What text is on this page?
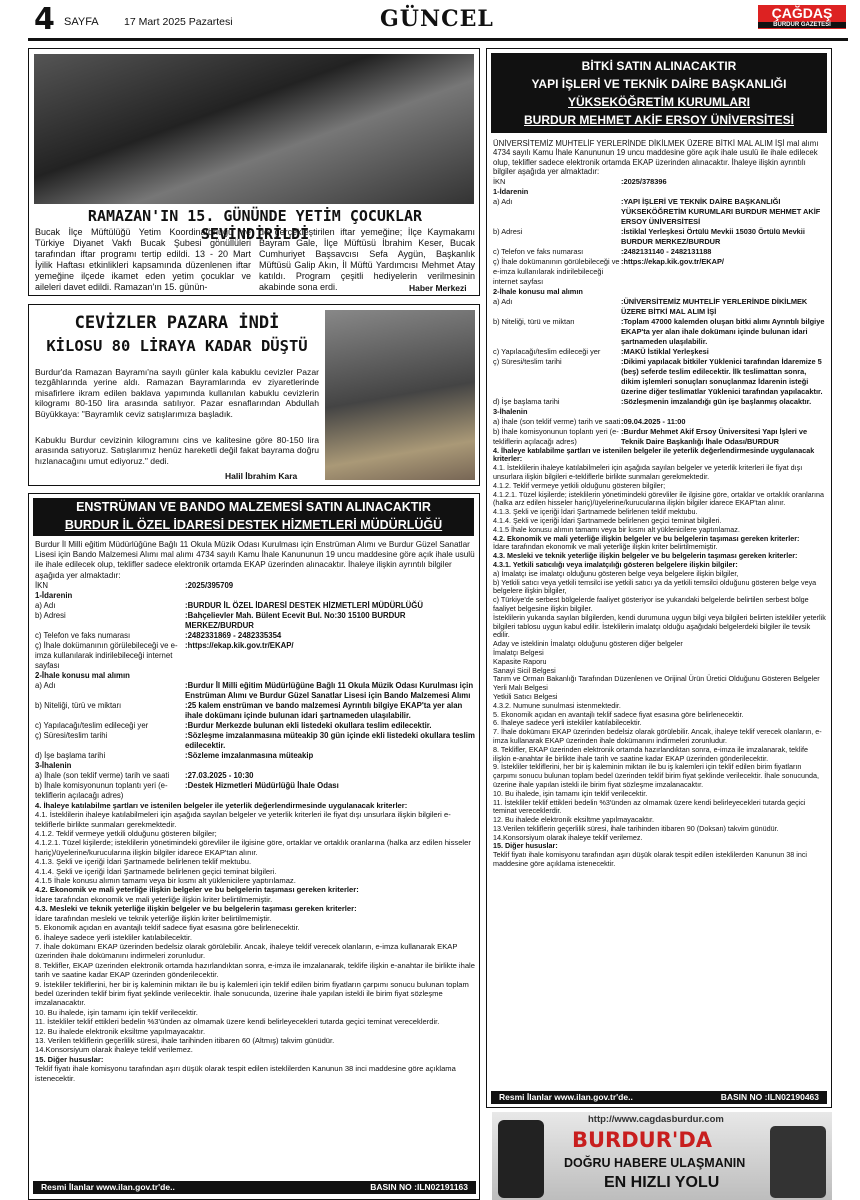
4 SAYFA 17 Mart 2025 Pazartesi	GÜNCEL	ÇAĞDAŞ
BURDUR GAZETESİ
RAMAZAN'IN 15. GÜNÜNDE YETİM ÇOCUKLAR SEVİNDİRİLDİ
Bucak İlçe Müftülüğü Yetim Koordinatörlüğü ve Türkiye Diyanet Vakfı Bucak Şubesi gönüllüleri tarafından iftar programı tertip edildi. 13 - 20 Mart İyilik Haftası etkinlikleri kapsamında düzenlenen iftar yemeğine ilçede ikamet eden yetim çocuklar ve aileleri davet edildi. Ramazan'ın 15. günün-
de gerçekleştirilen iftar yemeğine; İlçe Kaymakamı Bayram Gale, İlçe Müftüsü İbrahim Keser, Bucak Cumhuriyet Başsavcısı Sefa Aygün, Başkanlık Müftüsü Galip Akın, İl Müftü Yardımcısı Mehmet Atay katıldı. Program çeşitli hediyelerin verilmesinin akabinde sona erdi.	Haber Merkezi
CEVİZLER PAZARA İNDİ
KİLOSU 80 LİRAYA KADAR DÜŞTÜ
Burdur'da Ramazan Bayramı'na sayılı günler kala kabuklu cevizler Pazar tezgâhlarında yerine aldı. Ramazan Bayramlarında ev ziyaretlerinde misafirlere ikram edilen baklava yapımında kullanılan kabuklu cevizlerin kilogramı 80-150 lira arasında satılıyor. Pazar esnaflarından Abdullah Büyükkaya: "Bayramlık ceviz satışlarımıza başladık.
Kabuklu Burdur cevizinin kilogramını cins ve kalitesine göre 80-150 lira arasında satıyoruz. Satışlarımız henüz hareketli değil fakat bayrama doğru hızlanacağını umut ediyoruz." dedi.
Halil İbrahim Kara
ENSTRÜMAN VE BANDO MALZEMESİ SATIN ALINACAKTIR
BURDUR İL ÖZEL İDARESİ DESTEK HİZMETLERİ MÜDÜRLÜĞÜ

Burdur İl Milli eğitim Müdürlüğüne Bağlı 11 Okula Müzik Odası Kurulması için Enstrüman Alımı ve Burdur Güzel Sanatlar Lisesi için Bando Malzemesi Alımı mal alımı 4734 sayılı Kamu İhale Kanununun 19 uncu maddesine göre açık ihale usulü ile ihale edilecek olup, teklifler sadece elektronik ortamda EKAP üzerinden alınacaktır. İhaleye ilişkin ayrıntılı bilgiler aşağıda yer almaktadır:

İKN	:2025/395709
1-İdarenin
a) Adı	:BURDUR İL ÖZEL İDARESİ DESTEK HİZMETLERİ MÜDÜRLÜĞÜ
b) Adresi	:Bahçelievler Mah. Bülent Ecevit Bul. No:30 15100 BURDUR MERKEZ/BURDUR
c) Telefon ve faks numarası	:2482331869 - 2482335354
ç) İhale dokümanının görülebileceği ve e-imza kullanılarak indirilebileceği internet sayfası
:https://ekap.kik.gov.tr/EKAP/
2-İhale konusu mal alımın
a) Adı	:Burdur İl Milli eğitim Müdürlüğüne Bağlı 11 Okula Müzik Odası Kurulması için Enstrüman Alımı ve Burdur Güzel Sanatlar Lisesi için Bando Malzemesi Alımı
b) Niteliği, türü ve miktarı	:25 kalem enstrüman ve bando malzemesi Ayrıntılı bilgiye EKAP'ta yer alan ihale dokümanı içinde bulunan idari şartnameden ulaşılabilir.
c) Yapılacağı/teslim edileceği yer	:Burdur Merkezde bulunan ekli listedeki okullara teslim edilecektir.
ç) Süresi/teslim tarihi	:Sözleşme imzalanmasına müteakip 30 gün içinde ekli listedeki okullara teslim edilecektir.
d) İşe başlama tarihi	:Sözleme imzalanmasına müteakip
3-İhalenin
a) İhale (son teklif verme) tarih ve saati	:27.03.2025 - 10:30
b) İhale komisyonunun toplantı yeri (e-tekliflerin açılacağı adres)
:Destek Hizmetleri Müdürlüğü İhale Odası

4. İhaleye katılabilme şartları ve istenilen belgeler ile yeterlik değerlendirmesinde uygulanacak kriterler:

4.1. İsteklilerin ihaleye katılabilmeleri için aşağıda sayılan belgeler ve yeterlik kriterleri ile fiyat dışı unsurlara ilişkin bilgileri e-tekliflerle birlikte sunmaları gerekmektedir.

4.1.2. Teklif vermeye yetkili olduğunu gösteren bilgiler;

4.1.2.1. Tüzel kişilerde; isteklilerin yönetimindeki görevliler ile ilgisine göre, ortaklar ve ortaklık oranlarına (halka arz edilen hisseler hariç)/üyelerine/kurucularına ilişkin bilgiler idarece EKAP'tan alınır.

4.1.3. Şekli ve içeriği İdari Şartnamede belirlenen teklif mektubu.

4.1.4. Şekli ve içeriği İdari Şartnamede belirlenen geçici teminat bilgileri.

4.1.5 İhale konusu alımın tamamı veya bir kısmı alt yüklenicilere yaptırılamaz.

4.2. Ekonomik ve mali yeterliğe ilişkin belgeler ve bu belgelerin taşıması gereken kriterler:

İdare tarafından ekonomik ve mali yeterliğe ilişkin kriter belirtilmemiştir.

4.3. Mesleki ve teknik yeterliğe ilişkin belgeler ve bu belgelerin taşıması gereken kriterler:

İdare tarafından mesleki ve teknik yeterliğe ilişkin kriter belirtilmemiştir.

5. Ekonomik açıdan en avantajlı teklif sadece fiyat esasına göre belirlenecektir.

6. İhaleye sadece yerli istekliler katılabilecektir.

7. İhale dokümanı EKAP üzerinden bedelsiz olarak görülebilir. Ancak, ihaleye teklif verecek olanların, e-imza kullanarak EKAP üzerinden ihale dokümanını indirmeleri zorunludur.

8. Teklifler, EKAP üzerinden elektronik ortamda hazırlandıktan sonra, e-imza ile imzalanarak, teklife ilişkin e-anahtar ile birlikte ihale tarih ve saatine kadar EKAP üzerinden gönderilecektir.

9. İstekliler tekliflerini, her bir iş kaleminin miktarı ile bu iş kalemleri için teklif edilen birim fiyatların çarpımı sonucu bulunan toplam bedel üzerinden teklif birim fiyat şeklinde verilecektir. İhale sonucunda, üzerine ihale yapılan istekli ile birim fiyat sözleşme imzalanacaktır.

10. Bu ihalede, işin tamamı için teklif verilecektir.

11. İstekliler teklif ettikleri bedelin %3'ünden az olmamak üzere kendi belirleyecekleri tutarda geçici teminat vereceklerdir.

12. Bu ihalede elektronik eksiltme yapılmayacaktır.

13. Verilen tekliflerin geçerlilik süresi, ihale tarihinden itibaren 60 (Altmış) takvim günüdür.

14.Konsorsiyum olarak ihaleye teklif verilemez.

15. Diğer hususlar:

Teklif fiyatı ihale komisyonu tarafından aşırı düşük olarak tespit edilen isteklilerden Kanunun 38 inci maddesine göre açıklama istenecektir.

Resmi İlanlar www.ilan.gov.tr'de..	BASIN NO :ILN02191163
BİTKİ SATIN ALINACAKTIR
YAPI İŞLERİ VE TEKNİK DAİRE BAŞKANLIĞI
YÜKSEKÖĞRETİM KURUMLARI
BURDUR MEHMET AKİF ERSOY ÜNİVERSİTESİ

ÜNİVERSİTEMİZ MUHTELİF YERLERİNDE DİKİLMEK ÜZERE BİTKİ MAL ALIM İŞİ mal alımı 4734 sayılı Kamu İhale Kanununun 19 uncu maddesine göre açık ihale usulü ile ihale edilecek olup, teklifler sadece elektronik ortamda EKAP üzerinden alınacaktır. İhaleye ilişkin ayrıntılı bilgiler aşağıda yer almaktadır:

İKN	:2025/378396
1-İdarenin
a) Adı	:YAPI İŞLERİ VE TEKNİK DAİRE BAŞKANLIĞI YÜKSEKÖĞRETİM KURUMLARI BURDUR MEHMET AKİF ERSOY ÜNİVERSİTESİ
b) Adresi	:İstiklal Yerleşkesi Örtülü Mevkii 15030 Örtülü Mevkii BURDUR MERKEZ/BURDUR
c) Telefon ve faks numarası	:2482131140 - 2482131188
ç) İhale dokümanının görülebileceği ve e-imza kullanılarak indirilebileceği internet sayfası
:https://ekap.kik.gov.tr/EKAP/
2-İhale konusu mal alımın
a) Adı	:ÜNİVERSİTEMİZ MUHTELİF YERLERİNDE DİKİLMEK ÜZERE BİTKİ MAL ALIM İŞİ
b) Niteliği, türü ve miktarı	:Toplam 47000 kalemden oluşan bitki alımı Ayrıntılı bilgiye EKAP'ta yer alan ihale dokümanı içinde bulunan idari şartnameden ulaşılabilir.
c) Yapılacağı/teslim edileceği yer	:MAKÜ İstiklal Yerleşkesi
ç) Süresi/teslim tarihi	:Dikimi yapılacak bitkiler Yüklenici tarafından İdaremize 5 (beş) seferde teslim edilecektir. İlk teslimattan sonra, dikim işlemleri sonuçları sonuçlanmaz İdarenin isteği üzerine diğer teslimatlar Yüklenici tarafından yapılacaktır.
d) İşe başlama tarihi	:Sözleşmenin imzalandığı gün işe başlanmış olacaktır.
3-İhalenin
a) İhale (son teklif verme) tarih ve saati :09.04.2025 - 11:00
b) İhale komisyonunun toplantı yeri (e-tekliflerin açılacağı adres)
:Burdur Mehmet Akif Ersoy Üniversitesi Yapı İşleri ve Teknik Daire Başkanlığı İhale Odası/BURDUR

4. İhaleye katılabilme şartları ve istenilen belgeler ile yeterlik değerlendirmesinde uygulanacak kriterler:

4.1. İsteklilerin ihaleye katılabilmeleri için aşağıda sayılan belgeler ve yeterlik kriterleri ile fiyat dışı unsurlara ilişkin bilgileri e-tekliflerle birlikte sunmaları gerekmektedir.

4.1.2. Teklif vermeye yetkili olduğunu gösteren bilgiler;

4.1.2.1. Tüzel kişilerde; isteklilerin yönetimindeki görevliler ile ilgisine göre, ortaklar ve ortaklık oranlarına (halka arz edilen hisseler hariç)/üyelerine/kurucularına ilişkin bilgiler idarece EKAP'tan alınır.

4.1.3. Şekli ve içeriği İdari Şartnamede belirlenen teklif mektubu.

4.1.4. Şekli ve içeriği İdari Şartnamede belirlenen geçici teminat bilgileri.

4.1.5 İhale konusu alımın tamamı veya bir kısmı alt yüklenicilere yaptırılamaz.

4.2. Ekonomik ve mali yeterliğe ilişkin belgeler ve bu belgelerin taşıması gereken kriterler:

İdare tarafından ekonomik ve mali yeterliğe ilişkin kriter belirtilmemiştir.

4.3. Mesleki ve teknik yeterliğe ilişkin belgeler ve bu belgelerin taşıması gereken kriterler:

4.3.1. Yetkili satıcılığı veya imalatçılığı gösteren belgelere ilişkin bilgiler:

a) İmalatçı ise imalatçı olduğunu gösteren belge veya belgelere ilişkin bilgiler,

b) Yetkili satıcı veya yetkili temsilci ise yetkili satıcı ya da yetkili temsilci olduğunu gösteren belge veya belgelere ilişkin bilgiler,

c) Türkiye'de serbest bölgelerde faaliyet gösteriyor ise yukarıdaki belgelerde belirtilen serbest bölge faaliyet belgesine ilişkin bilgiler.

İsteklilerin yukarıda sayılan bilgilerden, kendi durumuna uygun bilgi veya bilgileri belirten istekliler yeterlik bilgileri tablosu uygun kabul edilir. İsteklilerin imalatçı olduğu aşağıdaki belgelerdeki bilgiler ile tevsik edilir.

Aday ve isteklinin İmalatçı olduğunu gösteren diğer belgeler

İmalatçı Belgesi

Kapasite Raporu

Sanayi Sicil Belgesi

Tarım ve Orman Bakanlığı Tarafından Düzenlenen ve Orijinal Ürün Üretici Olduğunu Gösteren Belgeler

Yerli Malı Belgesi

Yetkili Satıcı Belgesi

4.3.2. Numune sunulmasi istenmektedir.

5. Ekonomik açıdan en avantajlı teklif sadece fiyat esasına göre belirlenecektir.

6. İhaleye sadece yerli istekliler katılabilecektir.

7. İhale dokümanı EKAP üzerinden bedelsiz olarak görülebilir. Ancak, ihaleye teklif verecek olanların, e-imza kullanarak EKAP üzerinden ihale dokümanını indirmeleri zorunludur.

8. Teklifler, EKAP üzerinden elektronik ortamda hazırlandıktan sonra, e-imza ile imzalanarak, teklife ilişkin e-anahtar ile birlikte ihale tarih ve saatine kadar EKAP üzerinden gönderilecektir.

9. İstekliler tekliflerini, her bir iş kaleminin miktarı ile bu iş kalemleri için teklif edilen birim fiyatların çarpımı sonucu bulunan toplam bedel üzerinden teklif birim fiyat şeklinde verilecektir. İhale sonucunda, üzerine ihale yapılan istekli ile birim fiyat sözleşme imzalanacaktır.

10. Bu ihalede, işin tamamı için teklif verilecektir.

11. İstekliler teklif ettikleri bedelin %3'ünden az olmamak üzere kendi belirleyecekleri tutarda geçici teminat vereceklerdir.

12. Bu ihalede elektronik eksiltme yapılmayacaktır.

13.Verilen tekliflerin geçerlilik süresi, ihale tarihinden itibaren 90 (Doksan) takvim günüdür.

14.Konsorsiyum olarak ihaleye teklif verilemez.

15. Diğer hususlar:

Teklif fiyatı ihale komisyonu tarafından aşırı düşük olarak tespit edilen isteklilerden Kanunun 38 inci maddesine göre açıklama istenecektir.

Resmi İlanlar www.ilan.gov.tr'de..	BASIN NO :ILN02190463
http://www.cagdasburdur.com
BURDUR'DA
DOĞRU HABERE ULAŞMANIN
EN HIZLI YOLU
